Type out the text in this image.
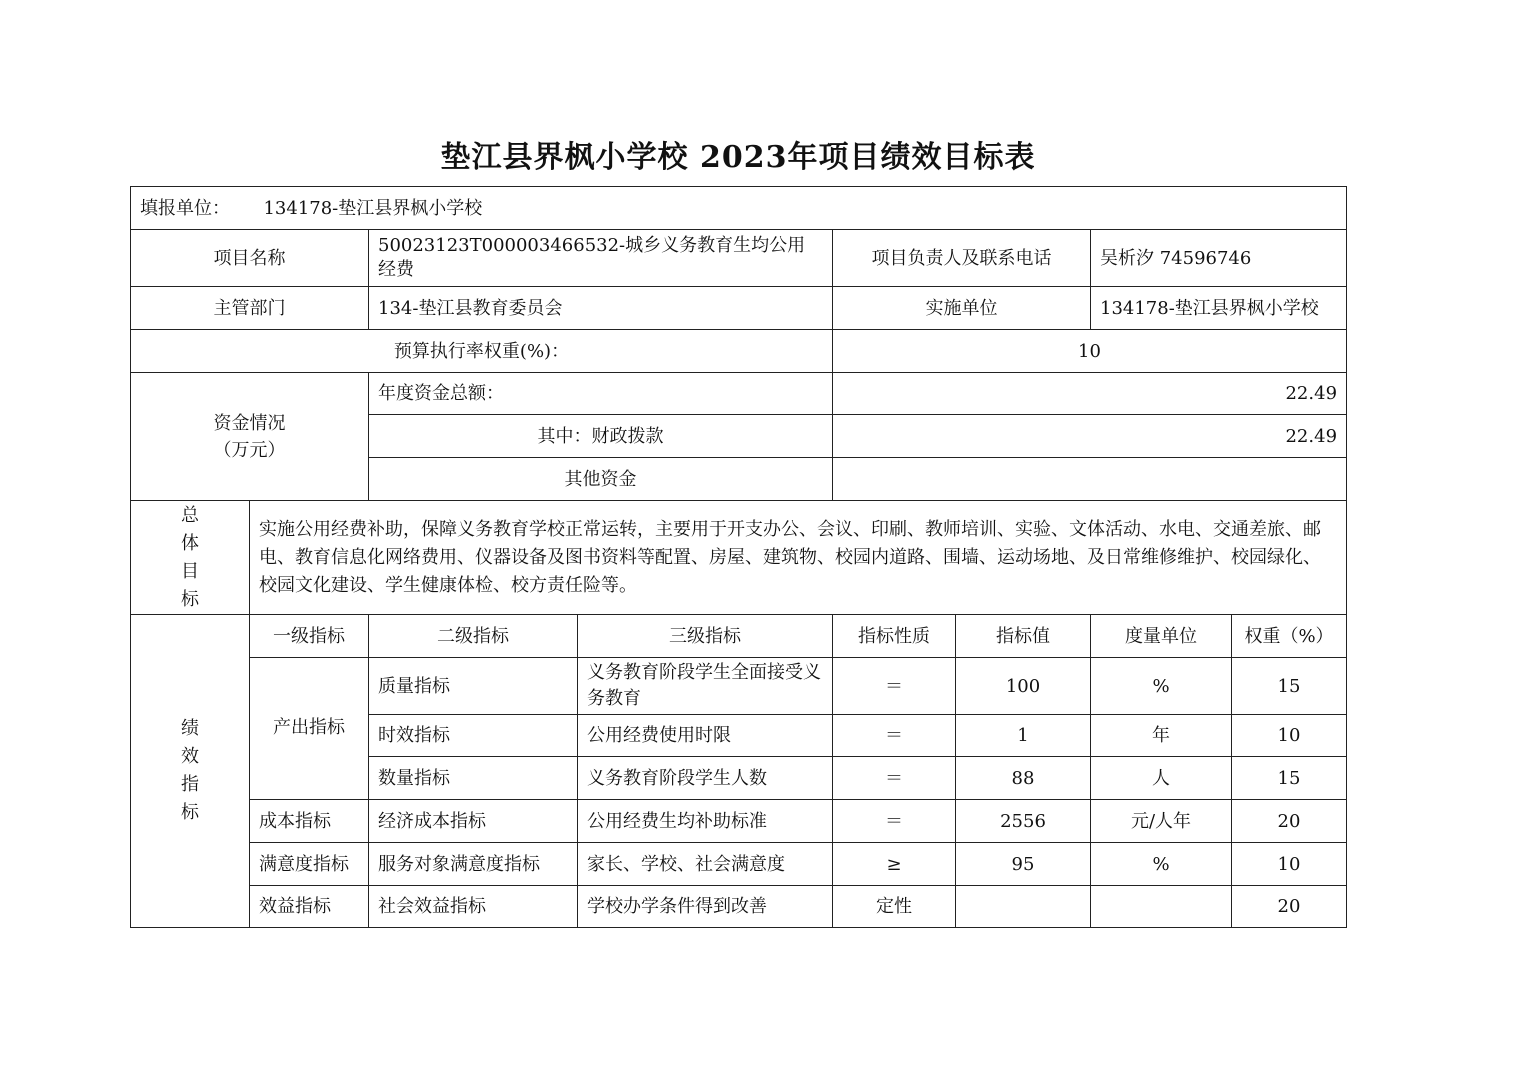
垫江县界枫小学校 2023年项目绩效目标表
填报单位： 134178-垫江县界枫小学校							
项目名称		50023123T000003466532-城乡义务教育生均公用经费		项目负责人及联系电话		吴析汐 74596746	
主管部门		134-垫江县教育委员会		实施单位		134178-垫江县界枫小学校	
预算执行率权重(%)：				10			

资金情况
（万元）		年度资金总额：		22.49			
		其中：财政拨款		22.49			
		其他资金					

总
体
目
标	实施公用经费补助，保障义务教育学校正常运转，主要用于开支办公、会议、印刷、教师培训、实验、文体活动、水电、交通差旅、邮电、教育信息化网络费用、仪器设备及图书资料等配置、房屋、建筑物、校园内道路、围墙、运动场地、及日常维修维护、校园绿化、校园文化建设、学生健康体检、校方责任险等。						

绩
效
指
标	一级指标	二级指标	三级指标	指标性质	指标值	度量单位	权重（%）
	产出指标	质量指标	义务教育阶段学生全面接受义务教育	＝	100	%	15
		时效指标	公用经费使用时限	＝	1	年	10
		数量指标	义务教育阶段学生人数	＝	88	人	15
	成本指标	经济成本指标	公用经费生均补助标准	＝	2556	元/人年	20
	满意度指标	服务对象满意度指标	家长、学校、社会满意度	≥	95	%	10
	效益指标	社会效益指标	学校办学条件得到改善	定性			20
